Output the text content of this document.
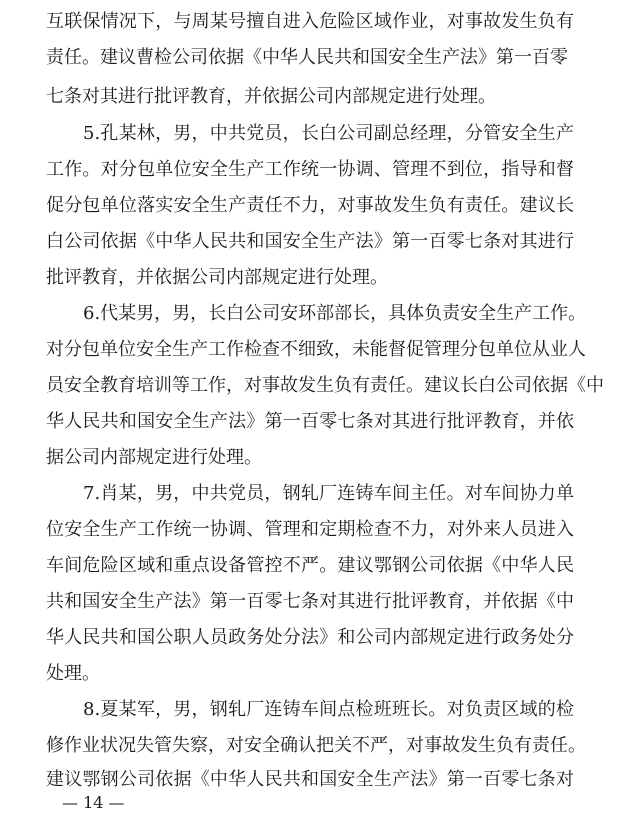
互联保情况下，与周某号擅自进入危险区域作业，对事故发生负有
责任。建议曹检公司依据《中华人民共和国安全生产法》第一百零
七条对其进行批评教育，并依据公司内部规定进行处理。
5.孔某林，男，中共党员，长白公司副总经理，分管安全生产
工作。对分包单位安全生产工作统一协调、管理不到位，指导和督
促分包单位落实安全生产责任不力，对事故发生负有责任。建议长
白公司依据《中华人民共和国安全生产法》第一百零七条对其进行
批评教育，并依据公司内部规定进行处理。
6.代某男，男，长白公司安环部部长，具体负责安全生产工作。
对分包单位安全生产工作检查不细致，未能督促管理分包单位从业人
员安全教育培训等工作，对事故发生负有责任。建议长白公司依据《中
华人民共和国安全生产法》第一百零七条对其进行批评教育，并依
据公司内部规定进行处理。
7.肖某，男，中共党员，钢轧厂连铸车间主任。对车间协力单
位安全生产工作统一协调、管理和定期检查不力，对外来人员进入
车间危险区域和重点设备管控不严。建议鄂钢公司依据《中华人民
共和国安全生产法》第一百零七条对其进行批评教育，并依据《中
华人民共和国公职人员政务处分法》和公司内部规定进行政务处分
处理。
8.夏某军，男，钢轧厂连铸车间点检班班长。对负责区域的检
修作业状况失管失察，对安全确认把关不严，对事故发生负有责任。
建议鄂钢公司依据《中华人民共和国安全生产法》第一百零七条对
— 14 —
